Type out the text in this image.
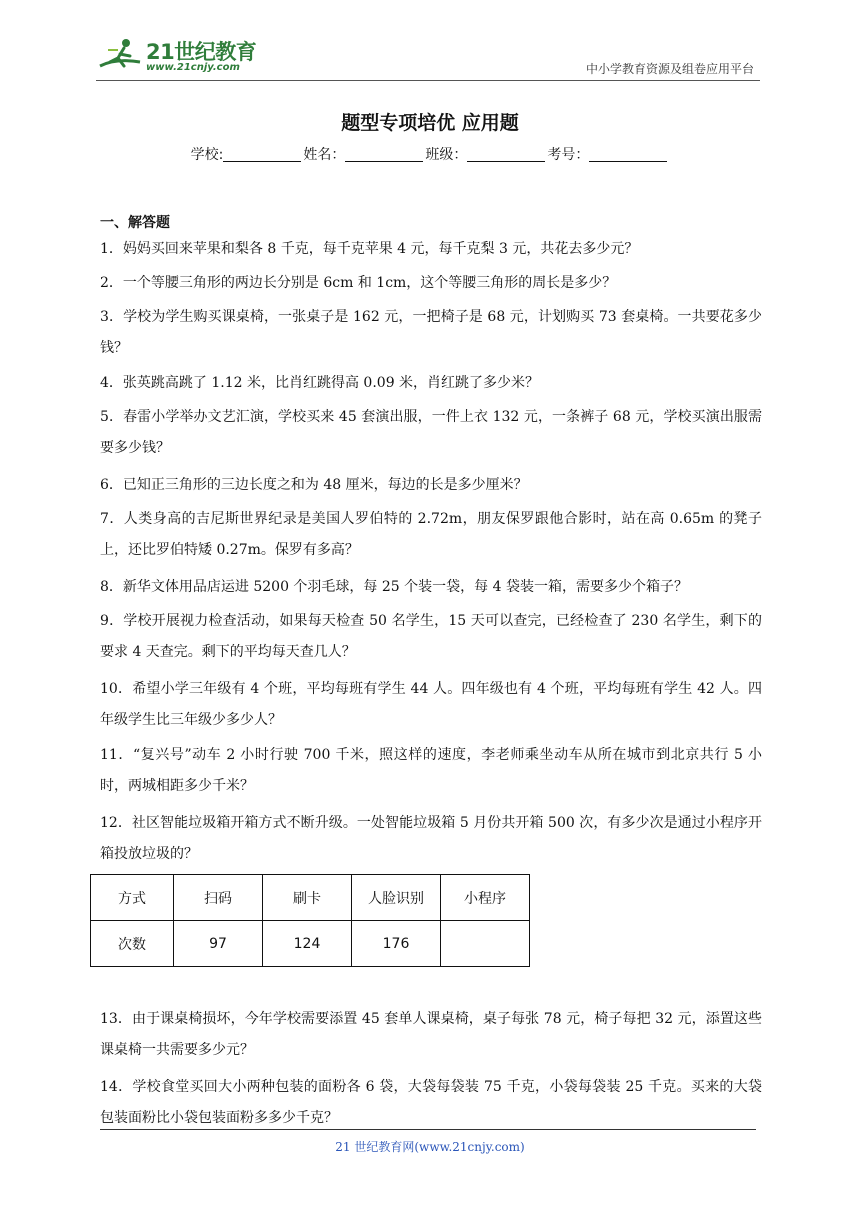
21世纪教育
www.21cnjy.com	中小学教育资源及组卷应用平台
题型专项培优 应用题
学校:	姓名：	班级：	考号：
一、解答题
1．妈妈买回来苹果和梨各 8 千克，每千克苹果 4 元，每千克梨 3 元，共花去多少元？
2．一个等腰三角形的两边长分别是 6cm 和 1cm，这个等腰三角形的周长是多少？
3．学校为学生购买课桌椅，一张桌子是 162 元，一把椅子是 68 元，计划购买 73 套桌椅。一共要花多少钱？
4．张英跳高跳了 1.12 米，比肖红跳得高 0.09 米，肖红跳了多少米？
5．春雷小学举办文艺汇演，学校买来 45 套演出服，一件上衣 132 元，一条裤子 68 元，学校买演出服需要多少钱？
6．已知正三角形的三边长度之和为 48 厘米，每边的长是多少厘米？
7．人类身高的吉尼斯世界纪录是美国人罗伯特的 2.72m，朋友保罗跟他合影时，站在高 0.65m 的凳子上，还比罗伯特矮 0.27m。保罗有多高？
8．新华文体用品店运进 5200 个羽毛球，每 25 个装一袋，每 4 袋装一箱，需要多少个箱子？
9．学校开展视力检查活动，如果每天检查 50 名学生，15 天可以查完，已经检查了 230 名学生，剩下的要求 4 天查完。剩下的平均每天查几人？
10．希望小学三年级有 4 个班，平均每班有学生 44 人。四年级也有 4 个班，平均每班有学生 42 人。四年级学生比三年级少多少人？
11．“复兴号”动车 2 小时行驶 700 千米，照这样的速度，李老师乘坐动车从所在城市到北京共行 5 小时，两城相距多少千米？
12．社区智能垃圾箱开箱方式不断升级。一处智能垃圾箱 5 月份共开箱 500 次，有多少次是通过小程序开箱投放垃圾的？
方式	扫码	刷卡	人脸识别	小程序
次数	97	124	176	
13．由于课桌椅损坏，今年学校需要添置 45 套单人课桌椅，桌子每张 78 元，椅子每把 32 元，添置这些课桌椅一共需要多少元？
14．学校食堂买回大小两种包装的面粉各 6 袋，大袋每袋装 75 千克，小袋每袋装 25 千克。买来的大袋包装面粉比小袋包装面粉多多少千克？
21 世纪教育网(www.21cnjy.com)
